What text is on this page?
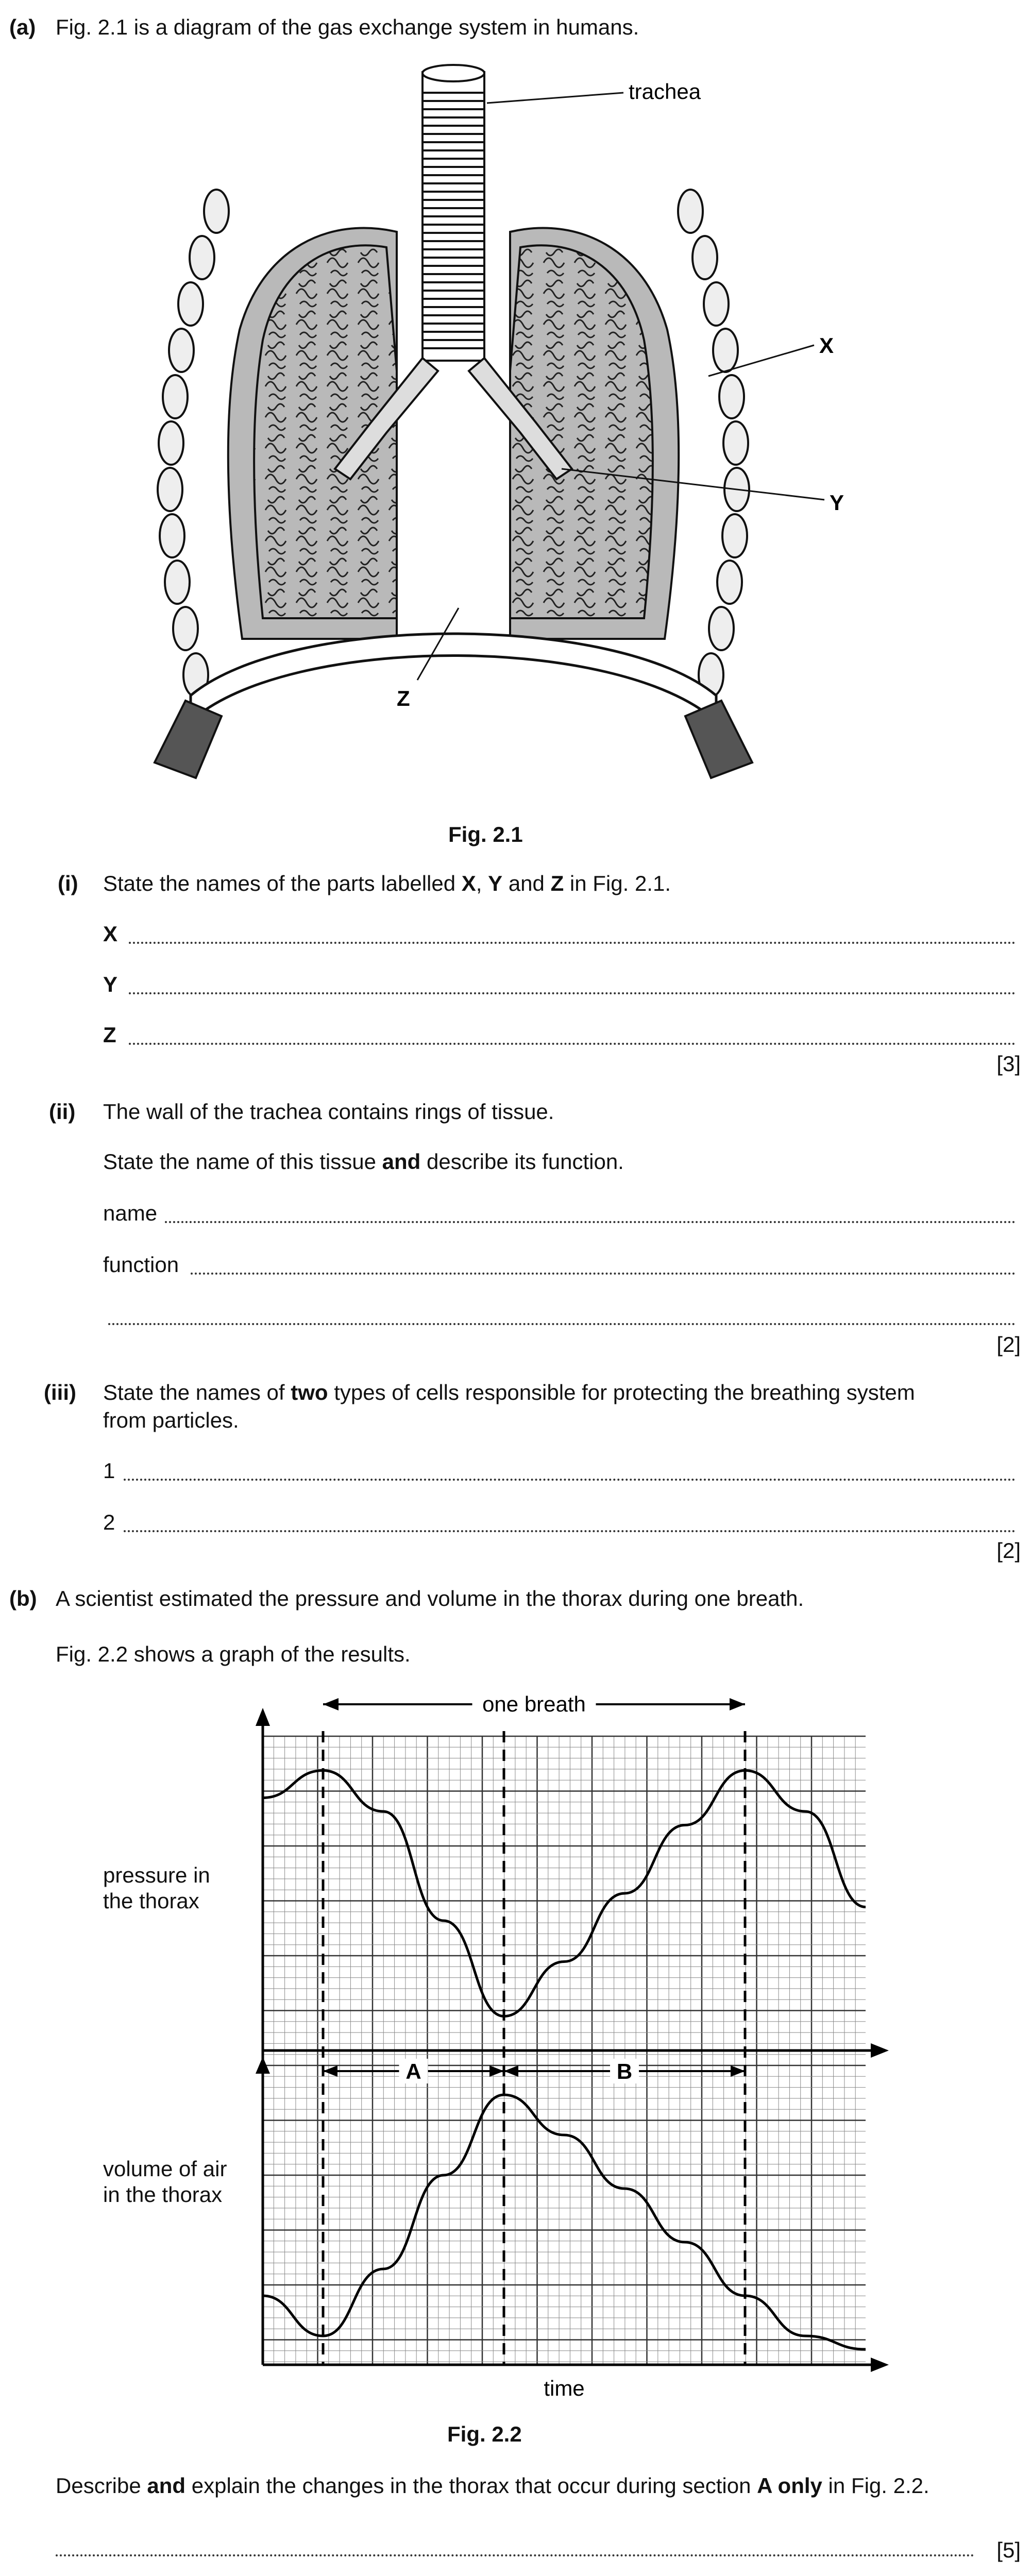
(a) Fig. 2.1 is a diagram of the gas exchange system in humans.
trachea
X
Y
Z
Fig. 2.1
(i) State the names of the parts labelled X, Y and Z in Fig. 2.1.
X
Y
Z
[3]
(ii) The wall of the trachea contains rings of tissue.
State the name of this tissue and describe its function.
name
function
[2]
(iii) State the names of two types of cells responsible for protecting the breathing system
from particles.
1
2
[2]
(b) A scientist estimated the pressure and volume in the thorax during one breath.
Fig. 2.2 shows a graph of the results.
pressure in
the thorax
volume of air
in the thorax
one breath
A	B
time
Fig. 2.2
Describe and explain the changes in the thorax that occur during section A only in Fig. 2.2.
[5]
